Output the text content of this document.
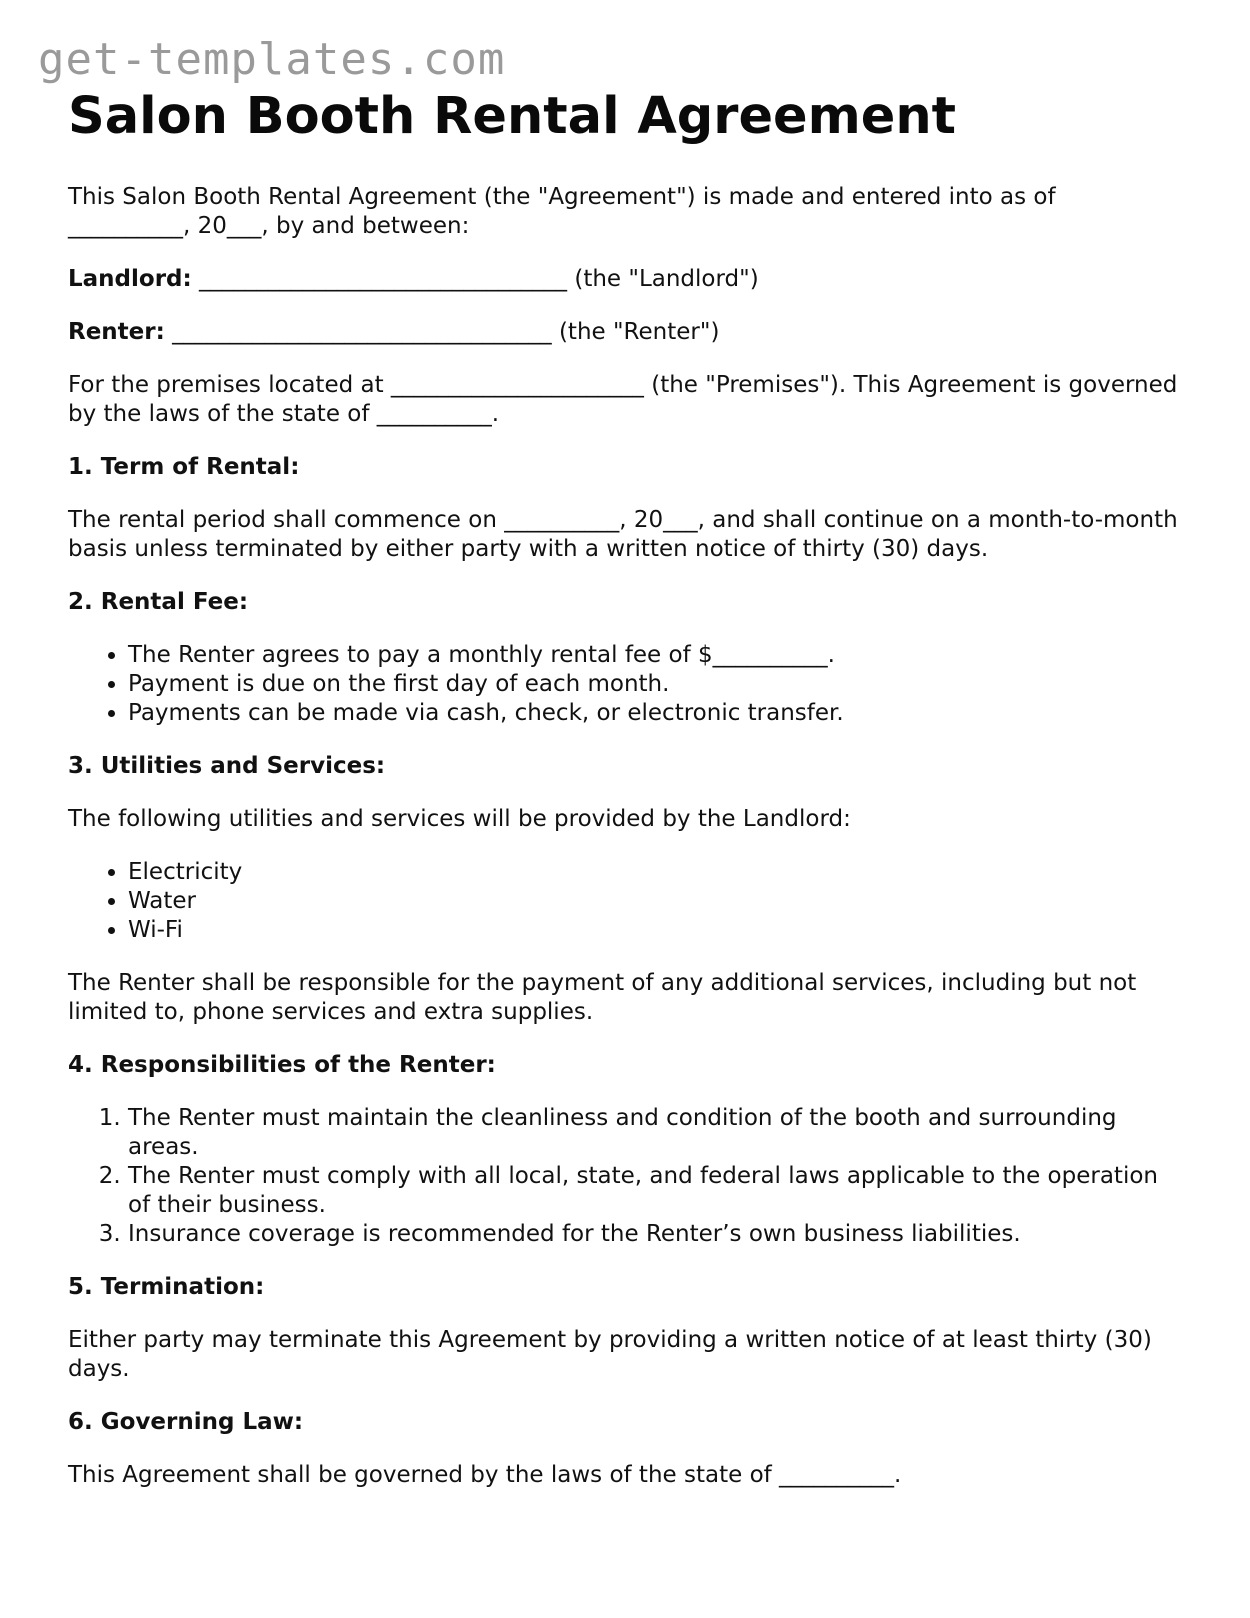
get-templates.com
Salon Booth Rental Agreement

This Salon Booth Rental Agreement (the "Agreement") is made and entered into as of __________, 20___, by and between:

Landlord: ________________________________ (the "Landlord")

Renter: _________________________________ (the "Renter")

For the premises located at ______________________ (the "Premises"). This Agreement is governed by the laws of the state of __________.

1. Term of Rental:

The rental period shall commence on __________, 20___, and shall continue on a month-to-month basis unless terminated by either party with a written notice of thirty (30) days.

2. Rental Fee:
• The Renter agrees to pay a monthly rental fee of $__________.
• Payment is due on the first day of each month.
• Payments can be made via cash, check, or electronic transfer.
3. Utilities and Services:

The following utilities and services will be provided by the Landlord:

• Electricity
• Water
• Wi-Fi

The Renter shall be responsible for the payment of any additional services, including but not limited to, phone services and extra supplies.

4. Responsibilities of the Renter:
1. The Renter must maintain the cleanliness and condition of the booth and surrounding areas.
2. The Renter must comply with all local, state, and federal laws applicable to the operation of their business.
3. Insurance coverage is recommended for the Renter’s own business liabilities.
5. Termination:

Either party may terminate this Agreement by providing a written notice of at least thirty (30) days.

6. Governing Law:

This Agreement shall be governed by the laws of the state of __________.
